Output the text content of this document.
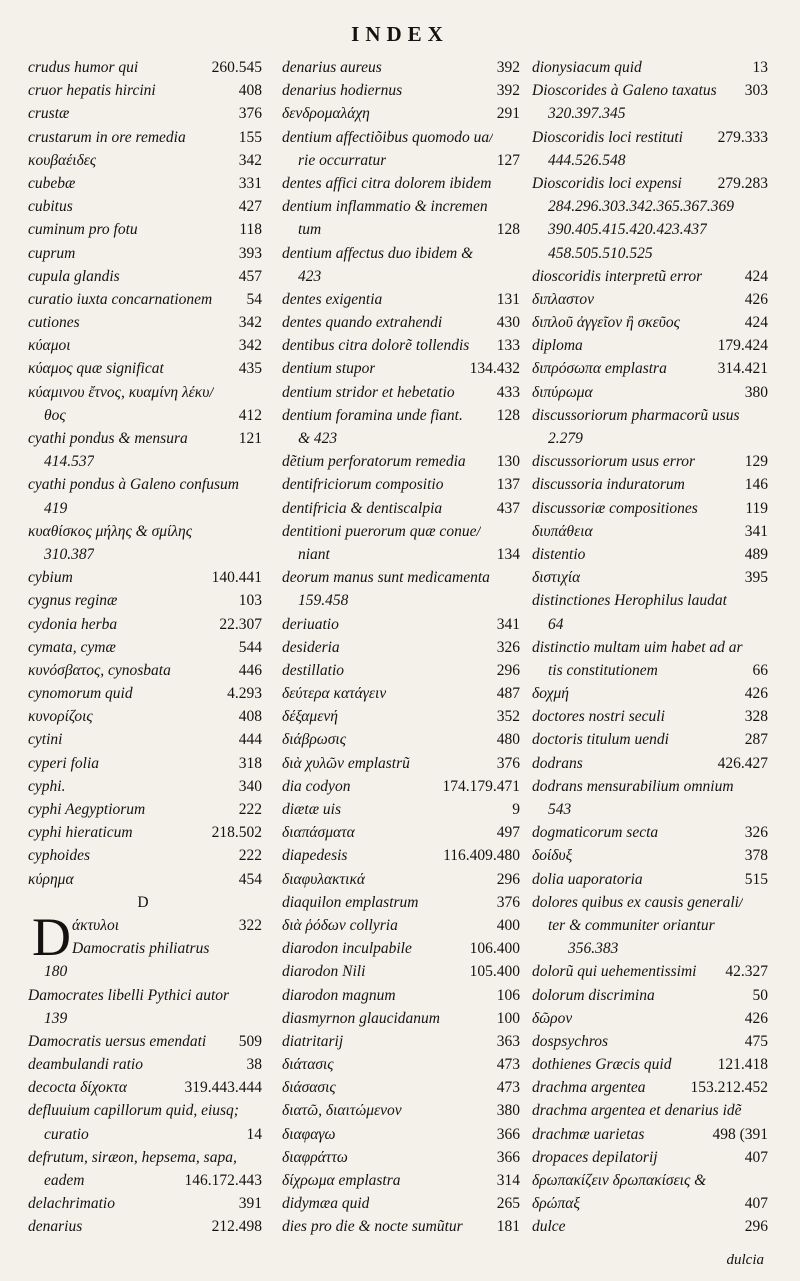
INDEX
crudus humor qui	260.545
cruor hepatis hircini	408
crustæ	376
crustarum in ore remedia	155
κουβαέιδες	342
cubebæ	331
cubitus	427
cuminum pro fotu	118
cuprum	393
cupula glandis	457
curatio iuxta concarnationem 54
cutiones	342
κύαμοι	342
κύαμος quæ significat	435
κύαμινου ἔτνος, κυαμίνη λέκυ/
θος	412
cyathi pondus & mensura	121
414.537
cyathi pondus à Galeno confusum
419
κυαθίσκος μήλης & σμίλης
310.387
cybium	140.441
cygnus reginæ	103
cydonia herba	22.307
cymata, cymæ	544
κυνόσβατος, cynosbata	446
cynomorum quid	4.293
κυνορίζοις	408
cytini	444
cyperi folia	318
cyphi.	340
cyphi Aegyptiorum	222
cyphi hieraticum	218.502
cyphoides	222
κύρημα	454
D
D άκτυλοι	322
Damocratis philiatrus
180
Damocrates libelli Pythici autor
139
Damocratis uersus emendati 509
deambulandi ratio	38
decocta δίχοκτα	319.443.444
defluuium capillorum quid, eiusq;
curatio	14
defrutum, siræon, hepsema, sapa,
eadem	146.172.443
delachrimatio	391
denarius	212.498
denarius aureus	392
denarius hodiernus	392
δενδρομαλάχη	291
dentium affectiõibus quomodo ua/
rie occurratur	127
dentes affici citra dolorem ibidem
dentium inflammatio & incremen
tum	128
dentium affectus duo ibidem &
423
dentes exigentia	131
dentes quando extrahendi	430
dentibus citra dolorẽ tollendis 133
dentium stupor	134.432
dentium stridor et hebetatio	433
dentium foramina unde fiant. 128
& 423
dẽtium perforatorum remedia 130
dentifriciorum compositio	137
dentifricia & dentiscalpia	437
dentitioni puerorum quæ conue/
niant	134
deorum manus sunt medicamenta
159.458
deriuatio	341
desideria	326
destillatio	296
δεύτερα κατάγειν	487
δέξαμενή	352
διάβρωσις	480
διὰ χυλῶν emplastrũ	376
dia codyon	174.179.471
diætæ uis	9
διαπάσματα	497
diapedesis	116.409.480
διαφυλακτικά	296
diaquilon emplastrum	376
διὰ ῥόδων collyria	400
diarodon inculpabile	106.400
diarodon Nili	105.400
diarodon magnum	106
diasmyrnon glaucidanum	100
diatritarij	363
διάτασις	473
διάσασις	473
διατῶ, διαιτώμενον	380
διαφαγω	366
διαφράττω	366
δίχρωμα emplastra	314
didymæa quid	265
dies pro die & nocte sumũtur 181
dionysiacum quid	13
Dioscorides à Galeno taxatus 303
320.397.345
Dioscoridis loci restituti 279.333
444.526.548
Dioscoridis loci expensi 279.283
284.296.303.342.365.367.369
390.405.415.420.423.437
458.505.510.525
dioscoridis interpretũ error	424
διπλαστον	426
διπλοῦ ἀγγεῖον ἢ σκεῦος	424
diploma	179.424
διπρόσωπα emplastra	314.421
διπύρωμα	380
discussoriorum pharmacorũ usus
2.279
discussoriorum usus error	129
discussoria induratorum	146
discussoriæ compositiones	119
διυπάθεια	341
distentio	489
διστιχία	395
distinctiones Herophilus laudat
64
distinctio multam uim habet ad ar
tis constitutionem	66
δοχμή	426
doctores nostri seculi	328
doctoris titulum uendi	287
dodrans	426.427
dodrans mensurabilium omnium
543
dogmaticorum secta	326
δοίδυξ	378
dolia uaporatoria	515
dolores quibus ex causis generali/
ter & communiter oriantur
356.383
dolorũ qui uehementissimi 42.327
dolorum discrimina	50
δῶρον	426
dospsychros	475
dothienes Græcis quid	121.418
drachma argentea	153.212.452
drachma argentea et denarius idẽ
drachmæ uarietas	498 (391
dropaces depilatorij	407
δρωπακίζειν δρωπακίσεις &
δρώπαξ	407
dulce	296
dulcia
